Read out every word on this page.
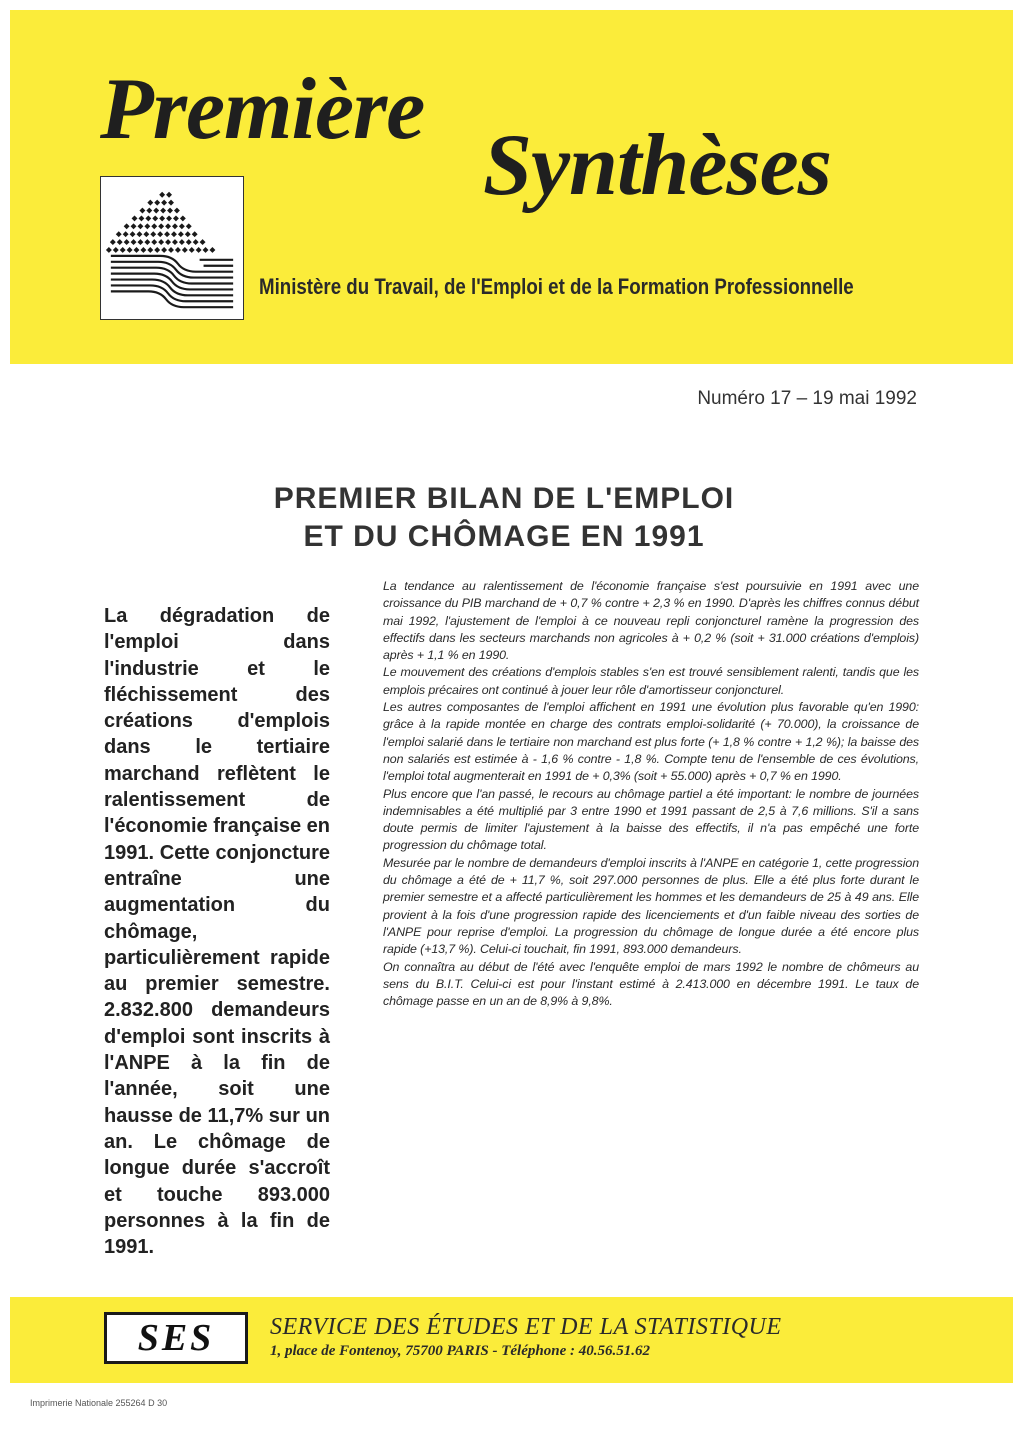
Première
Synthèses
Ministère du Travail, de l'Emploi et de la Formation Professionnelle
Numéro 17 – 19 mai 1992
PREMIER BILAN DE L'EMPLOI
ET DU CHÔMAGE EN 1991
La dégradation de l'emploi dans l'industrie et le fléchissement des créations d'emplois dans le tertiaire marchand reflètent le ralentissement de l'économie française en 1991. Cette conjoncture entraîne une augmentation du chômage, particulièrement rapide au premier semestre. 2.832.800 demandeurs d'emploi sont inscrits à l'ANPE à la fin de l'année, soit une hausse de 11,7% sur un an. Le chômage de longue durée s'accroît et touche 893.000 personnes à la fin de 1991.

La tendance au ralentissement de l'économie française s'est poursuivie en 1991 avec une croissance du PIB marchand de + 0,7 % contre + 2,3 % en 1990. D'après les chiffres connus début mai 1992, l'ajustement de l'emploi à ce nouveau repli conjoncturel ramène la progression des effectifs dans les secteurs marchands non agricoles à + 0,2 % (soit + 31.000 créations d'emplois) après + 1,1 % en 1990.

Le mouvement des créations d'emplois stables s'en est trouvé sensiblement ralenti, tandis que les emplois précaires ont continué à jouer leur rôle d'amortisseur conjoncturel.

Les autres composantes de l'emploi affichent en 1991 une évolution plus favorable qu'en 1990: grâce à la rapide montée en charge des contrats emploi-solidarité (+ 70.000), la croissance de l'emploi salarié dans le tertiaire non marchand est plus forte (+ 1,8 % contre + 1,2 %); la baisse des non salariés est estimée à - 1,6 % contre - 1,8 %. Compte tenu de l'ensemble de ces évolutions, l'emploi total augmenterait en 1991 de + 0,3% (soit + 55.000) après + 0,7 % en 1990.

Plus encore que l'an passé, le recours au chômage partiel a été important: le nombre de journées indemnisables a été multiplié par 3 entre 1990 et 1991 passant de 2,5 à 7,6 millions. S'il a sans doute permis de limiter l'ajustement à la baisse des effectifs, il n'a pas empêché une forte progression du chômage total.

Mesurée par le nombre de demandeurs d'emploi inscrits à l'ANPE en catégorie 1, cette progression du chômage a été de + 11,7 %, soit 297.000 personnes de plus. Elle a été plus forte durant le premier semestre et a affecté particulièrement les hommes et les demandeurs de 25 à 49 ans. Elle provient à la fois d'une progression rapide des licenciements et d'un faible niveau des sorties de l'ANPE pour reprise d'emploi. La progression du chômage de longue durée a été encore plus rapide (+13,7 %). Celui-ci touchait, fin 1991, 893.000 demandeurs.

On connaîtra au début de l'été avec l'enquête emploi de mars 1992 le nombre de chômeurs au sens du B.I.T. Celui-ci est pour l'instant estimé à 2.413.000 en décembre 1991. Le taux de chômage passe en un an de 8,9% à 9,8%.

SES	SERVICE DES ÉTUDES ET DE LA STATISTIQUE
1, place de Fontenoy, 75700 PARIS - Téléphone : 40.56.51.62
Imprimerie Nationale 255264 D 30
